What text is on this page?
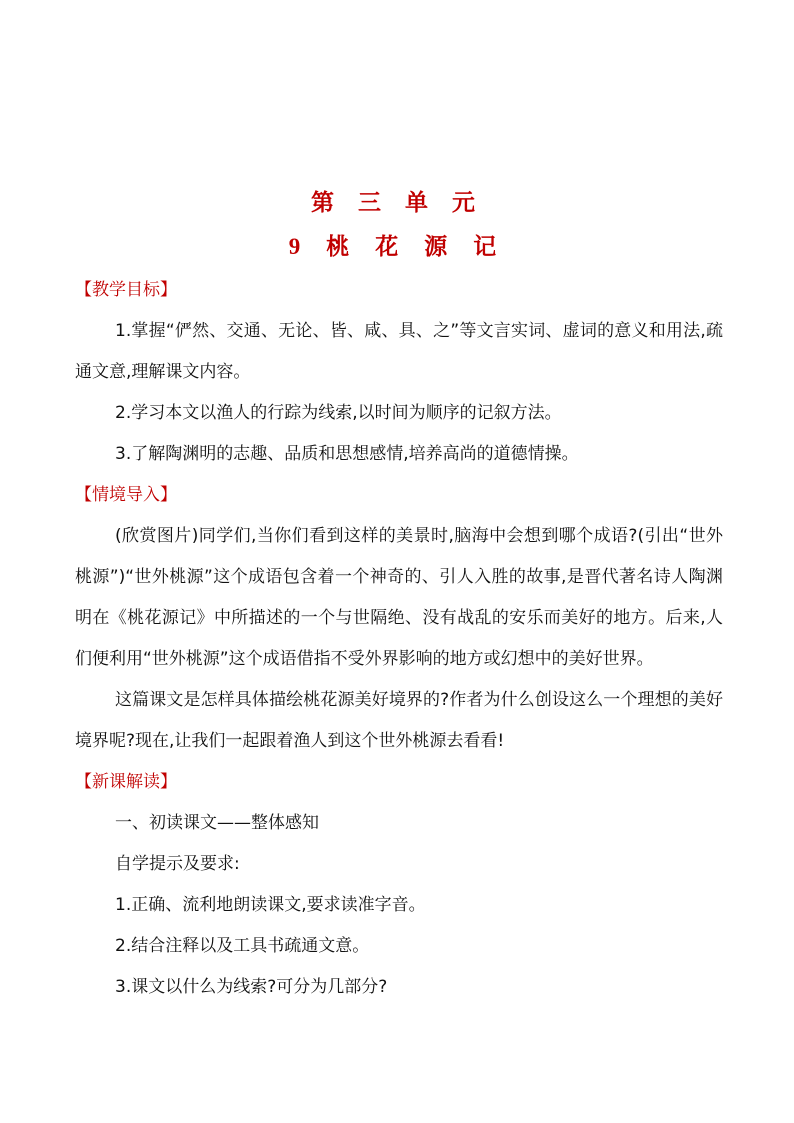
第 三 单 元
9 桃 花 源 记
【教学目标】
1.掌握“俨然、交通、无论、皆、咸、具、之”等文言实词、虚词的意义和用法,疏通文意,理解课文内容。
2.学习本文以渔人的行踪为线索,以时间为顺序的记叙方法。
3.了解陶渊明的志趣、品质和思想感情,培养高尚的道德情操。
【情境导入】
(欣赏图片)同学们,当你们看到这样的美景时,脑海中会想到哪个成语?(引出“世外桃源”)“世外桃源”这个成语包含着一个神奇的、引人入胜的故事,是晋代著名诗人陶渊明在《桃花源记》中所描述的一个与世隔绝、没有战乱的安乐而美好的地方。后来,人们便利用“世外桃源”这个成语借指不受外界影响的地方或幻想中的美好世界。
这篇课文是怎样具体描绘桃花源美好境界的?作者为什么创设这么一个理想的美好境界呢?现在,让我们一起跟着渔人到这个世外桃源去看看!
【新课解读】
一、初读课文——整体感知
自学提示及要求:
1.正确、流利地朗读课文,要求读准字音。
2.结合注释以及工具书疏通文意。
3.课文以什么为线索?可分为几部分?
